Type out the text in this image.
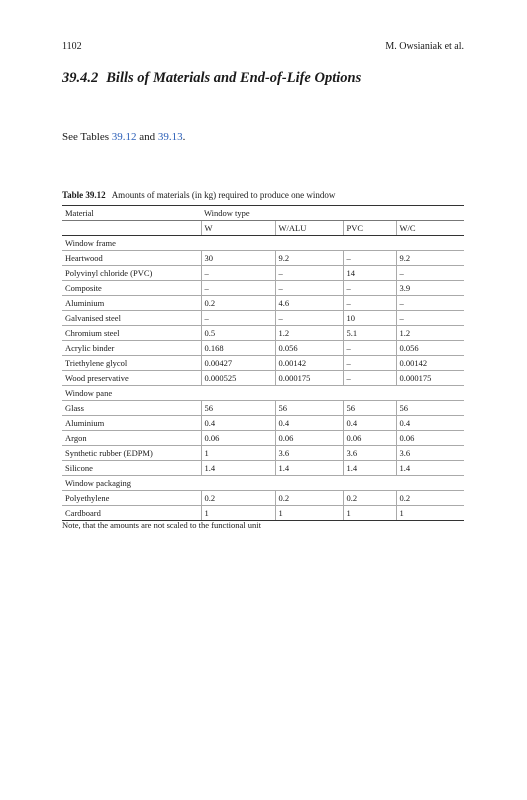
1102	M. Owsianiak et al.
39.4.2 Bills of Materials and End-of-Life Options
See Tables 39.12 and 39.13.
Table 39.12 Amounts of materials (in kg) required to produce one window
Material	Window type			
	W	W/ALU	PVC	W/C
Window frame				
Heartwood	30	9.2	–	9.2
Polyvinyl chloride (PVC)	–	–	14	–
Composite	–	–	–	3.9
Aluminium	0.2	4.6	–	–
Galvanised steel	–	–	10	–
Chromium steel	0.5	1.2	5.1	1.2
Acrylic binder	0.168	0.056	–	0.056
Triethylene glycol	0.00427	0.00142	–	0.00142
Wood preservative	0.000525	0.000175	–	0.000175
Window pane				
Glass	56	56	56	56
Aluminium	0.4	0.4	0.4	0.4
Argon	0.06	0.06	0.06	0.06
Synthetic rubber (EDPM)	1	3.6	3.6	3.6
Silicone	1.4	1.4	1.4	1.4
Window packaging				
Polyethylene	0.2	0.2	0.2	0.2
Cardboard	1	1	1	1
Note, that the amounts are not scaled to the functional unit
